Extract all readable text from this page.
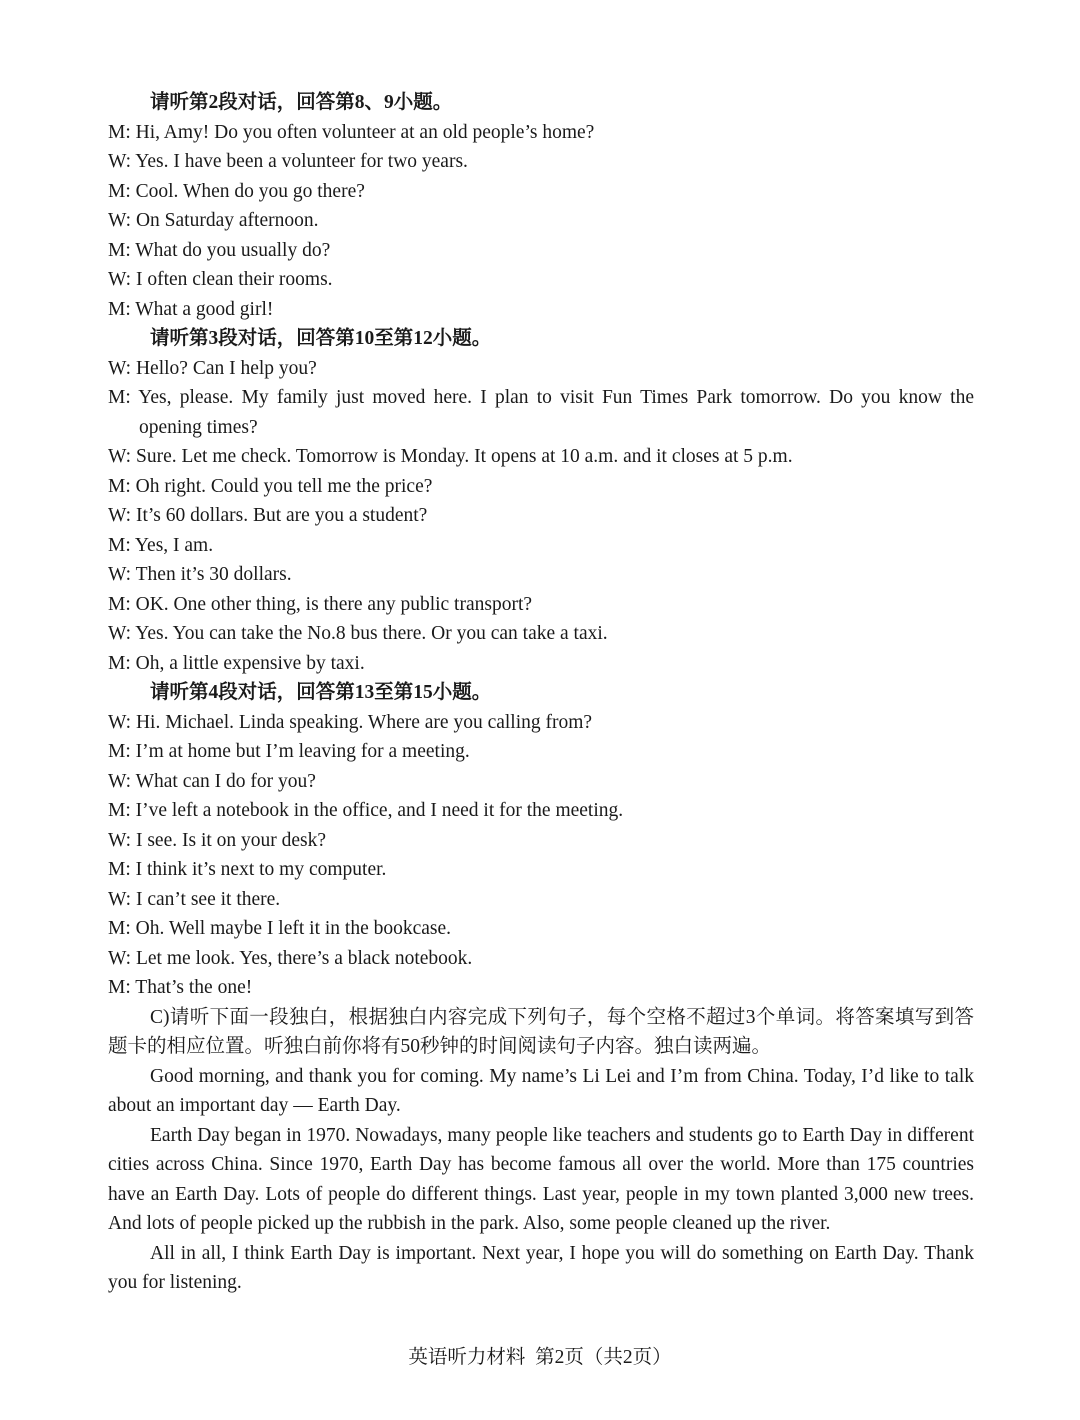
请听第2段对话，回答第8、9小题。
M: Hi, Amy! Do you often volunteer at an old people’s home?
W: Yes. I have been a volunteer for two years.
M: Cool. When do you go there?
W: On Saturday afternoon.
M: What do you usually do?
W: I often clean their rooms.
M: What a good girl!
请听第3段对话，回答第10至第12小题。
W: Hello? Can I help you?
M: Yes, please. My family just moved here. I plan to visit Fun Times Park tomorrow. Do you know the opening times?
W: Sure. Let me check. Tomorrow is Monday. It opens at 10 a.m. and it closes at 5 p.m.
M: Oh right. Could you tell me the price?
W: It’s 60 dollars. But are you a student?
M: Yes, I am.
W: Then it’s 30 dollars.
M: OK. One other thing, is there any public transport?
W: Yes. You can take the No.8 bus there. Or you can take a taxi.
M: Oh, a little expensive by taxi.
请听第4段对话，回答第13至第15小题。
W: Hi. Michael. Linda speaking. Where are you calling from?
M: I’m at home but I’m leaving for a meeting.
W: What can I do for you?
M: I’ve left a notebook in the office, and I need it for the meeting.
W: I see. Is it on your desk?
M: I think it’s next to my computer.
W: I can’t see it there.
M: Oh. Well maybe I left it in the bookcase.
W: Let me look. Yes, there’s a black notebook.
M: That’s the one!
C)请听下面一段独白，根据独白内容完成下列句子，每个空格不超过3个单词。将答案填写到答题卡的相应位置。听独白前你将有50秒钟的时间阅读句子内容。独白读两遍。
Good morning, and thank you for coming. My name’s Li Lei and I’m from China. Today, I’d like to talk about an important day — Earth Day.
Earth Day began in 1970. Nowadays, many people like teachers and students go to Earth Day in different cities across China. Since 1970, Earth Day has become famous all over the world. More than 175 countries have an Earth Day. Lots of people do different things. Last year, people in my town planted 3,000 new trees. And lots of people picked up the rubbish in the park. Also, some people cleaned up the river.
All in all, I think Earth Day is important. Next year, I hope you will do something on Earth Day. Thank you for listening.
英语听力材料  第2页（共2页）
